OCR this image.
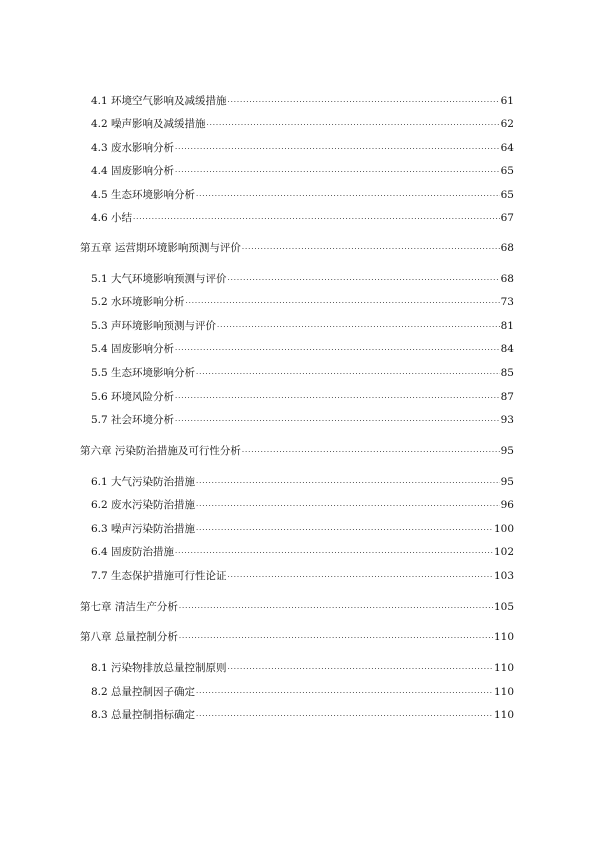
4.1 环境空气影响及减缓措施 .....	61
4.2 噪声影响及减缓措施 .....	62
4.3 废水影响分析 .....	64
4.4 固废影响分析 .....	65
4.5 生态环境影响分析 .....	65
4.6 小结 .....	67
第五章 运营期环境影响预测与评价 .....	68
5.1 大气环境影响预测与评价 .....	68
5.2 水环境影响分析 .....	73
5.3 声环境影响预测与评价 .....	81
5.4 固废影响分析 .....	84
5.5 生态环境影响分析 .....	85
5.6 环境风险分析 .....	87
5.7 社会环境分析 .....	93
第六章 污染防治措施及可行性分析 .....	95
6.1 大气污染防治措施 .....	95
6.2 废水污染防治措施 .....	96
6.3 噪声污染防治措施 .....	100
6.4 固废防治措施 .....	102
7.7 生态保护措施可行性论证 .....	103
第七章 清洁生产分析 .....	105
第八章 总量控制分析 .....	110
8.1 污染物排放总量控制原则 .....	110
8.2 总量控制因子确定 .....	110
8.3 总量控制指标确定 .....	110
